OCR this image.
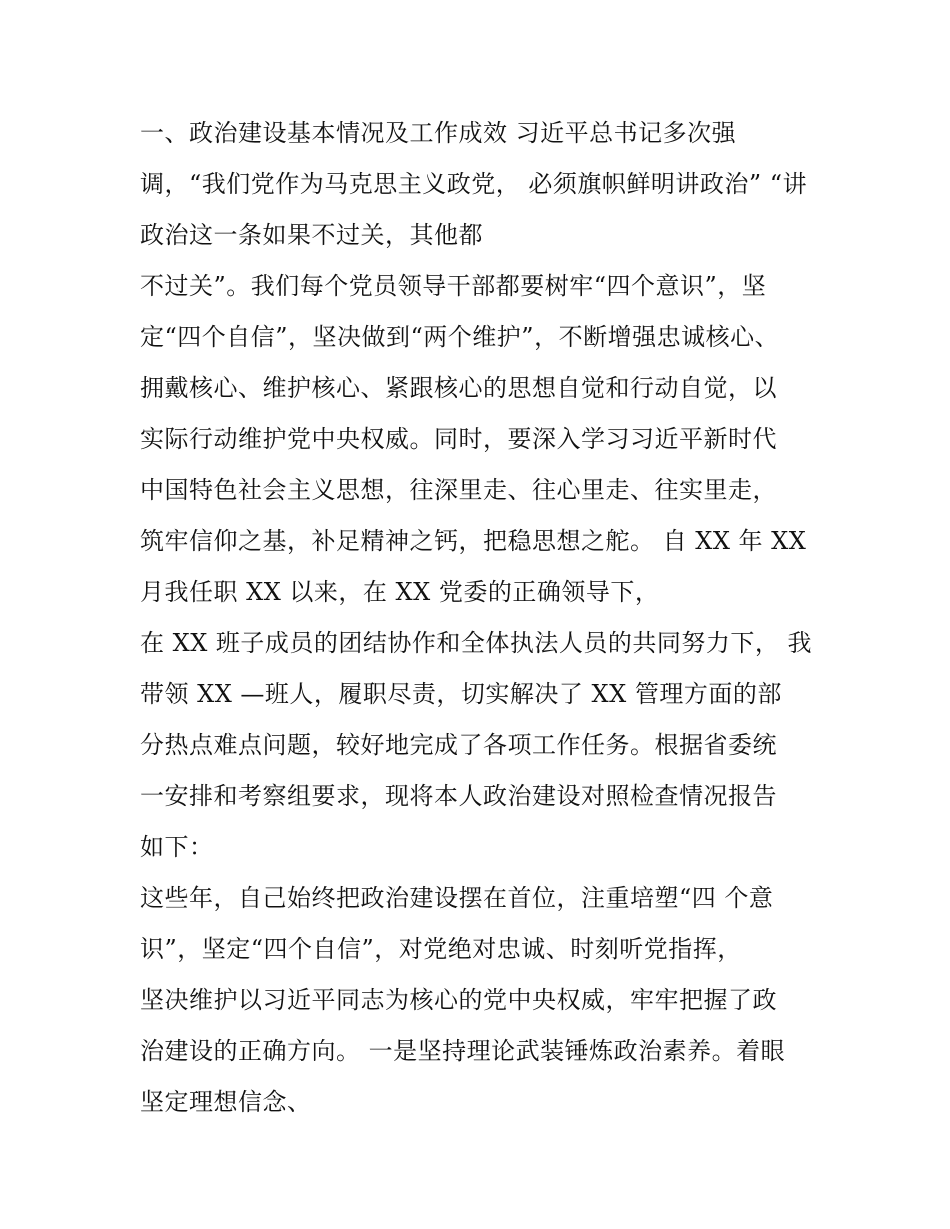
一、政治建设基本情况及工作成效 习近平总书记多次强
调，“我们党作为马克思主义政党， 必须旗帜鲜明讲政治” “讲
政治这一条如果不过关，其他都
不过关”。我们每个党员领导干部都要树牢“四个意识”，坚
定“四个自信”，坚决做到“两个维护”，不断增强忠诚核心、
拥戴核心、维护核心、紧跟核心的思想自觉和行动自觉，以
实际行动维护党中央权威。同时，要深入学习习近平新时代
中国特色社会主义思想，往深里走、往心里走、往实里走，
筑牢信仰之基，补足精神之钙，把稳思想之舵。 自 XX 年 XX
月我任职 XX 以来，在 XX 党委的正确领导下，
在 XX 班子成员的团结协作和全体执法人员的共同努力下， 我
带领 XX —班人，履职尽责，切实解决了 XX 管理方面的部
分热点难点问题，较好地完成了各项工作任务。根据省委统
一安排和考察组要求，现将本人政治建设对照检查情况报告
如下：
这些年，自己始终把政治建设摆在首位，注重培塑“四 个意
识”，坚定“四个自信”，对党绝对忠诚、时刻听党指挥，
坚决维护以习近平同志为核心的党中央权威，牢牢把握了政
治建设的正确方向。 一是坚持理论武装锤炼政治素养。着眼
坚定理想信念、
